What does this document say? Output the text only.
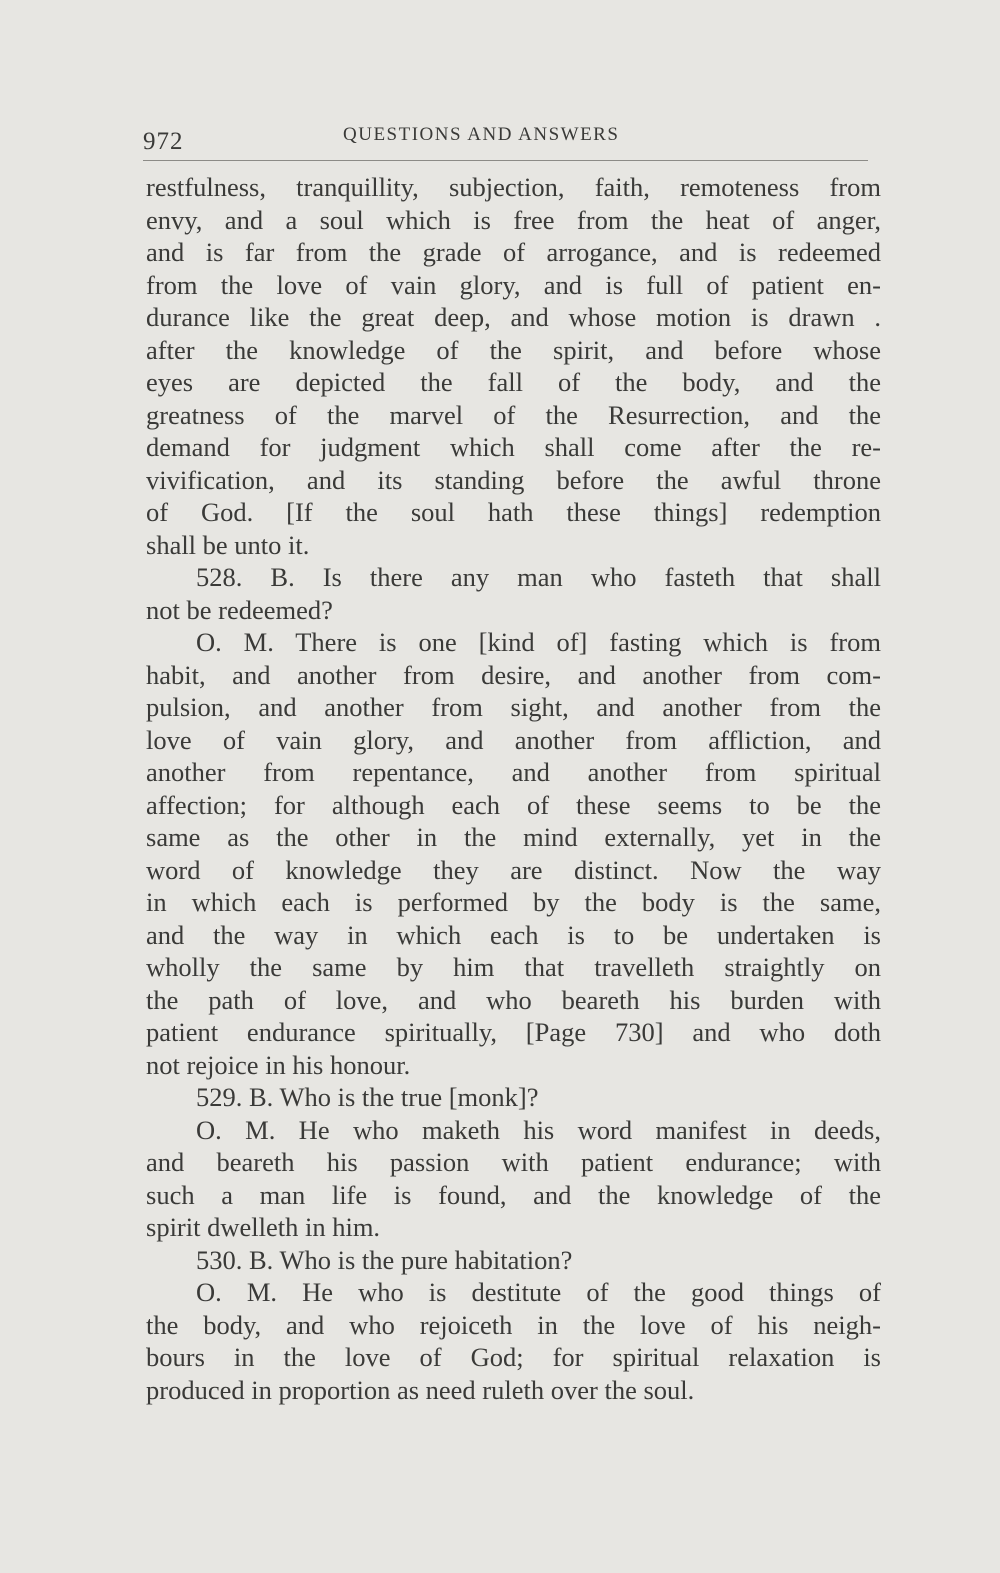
972	QUESTIONS AND ANSWERS
restfulness, tranquillity, subjection, faith, remoteness from
envy, and a soul which is free from the heat of anger,
and is far from the grade of arrogance, and is redeemed
from the love of vain glory, and is full of patient en-
durance like the great deep, and whose motion is drawn .
after the knowledge of the spirit, and before whose
eyes are depicted the fall of the body, and the
greatness of the marvel of the Resurrection, and the
demand for judgment which shall come after the re-
vivification, and its standing before the awful throne
of God. [If the soul hath these things] redemption
shall be unto it.
528. B. Is there any man who fasteth that shall
not be redeemed?
O. M. There is one [kind of] fasting which is from
habit, and another from desire, and another from com-
pulsion, and another from sight, and another from the
love of vain glory, and another from affliction, and
another from repentance, and another from spiritual
affection; for although each of these seems to be the
same as the other in the mind externally, yet in the
word of knowledge they are distinct. Now the way
in which each is performed by the body is the same,
and the way in which each is to be undertaken is
wholly the same by him that travelleth straightly on
the path of love, and who beareth his burden with
patient endurance spiritually, [Page 730] and who doth
not rejoice in his honour.
529. B. Who is the true [monk]?
O. M. He who maketh his word manifest in deeds,
and beareth his passion with patient endurance; with
such a man life is found, and the knowledge of the
spirit dwelleth in him.
530. B. Who is the pure habitation?
O. M. He who is destitute of the good things of
the body, and who rejoiceth in the love of his neigh-
bours in the love of God; for spiritual relaxation is
produced in proportion as need ruleth over the soul.
